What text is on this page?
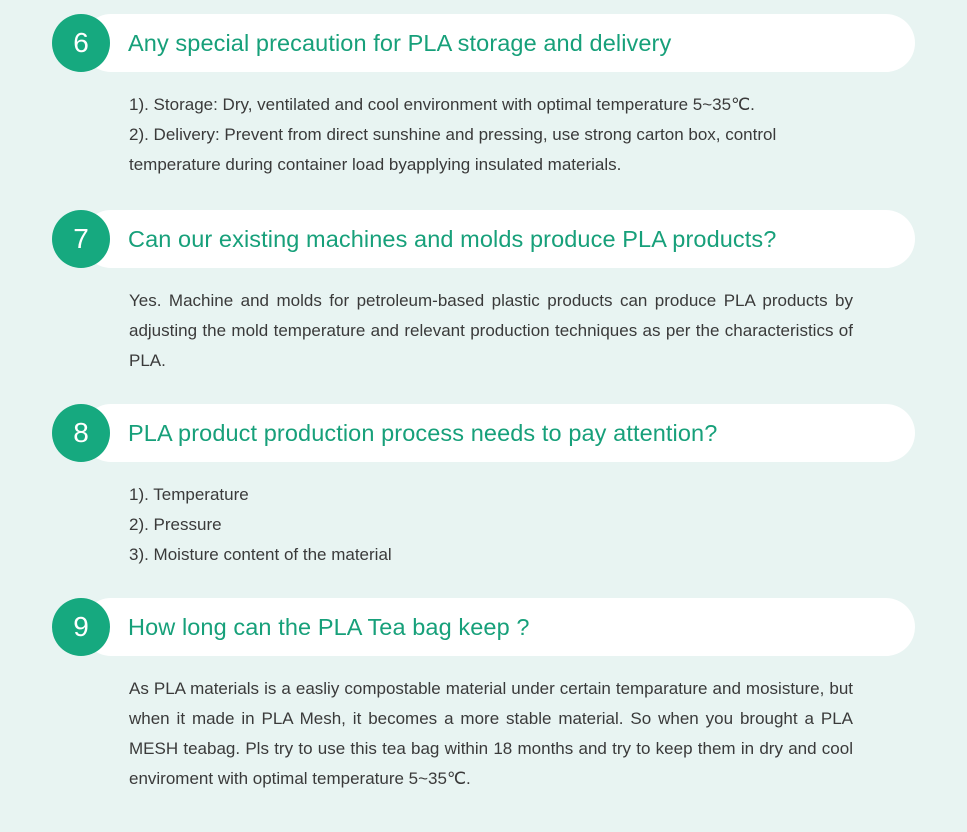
6	Any special precaution for PLA storage and delivery

1). Storage: Dry, ventilated and cool environment with optimal temperature 5~35℃.

2). Delivery: Prevent from direct sunshine and pressing, use strong carton box, control temperature during container load byapplying insulated materials.

7	Can our existing machines and molds produce PLA products?

Yes. Machine and molds for petroleum-based plastic products can produce PLA products by adjusting the mold temperature and relevant production techniques as per the characteristics of PLA.

8	PLA product production process needs to pay attention?

1). Temperature

2). Pressure

3). Moisture content of the material

9	How long can the PLA Tea bag keep ?

As PLA materials is a easliy compostable material under certain temparature and mosisture, but when it made in PLA Mesh, it becomes a more stable material. So when you brought a PLA MESH teabag. Pls try to use this tea bag within 18 months and try to keep them in dry and cool enviroment with optimal temperature 5~35℃.
